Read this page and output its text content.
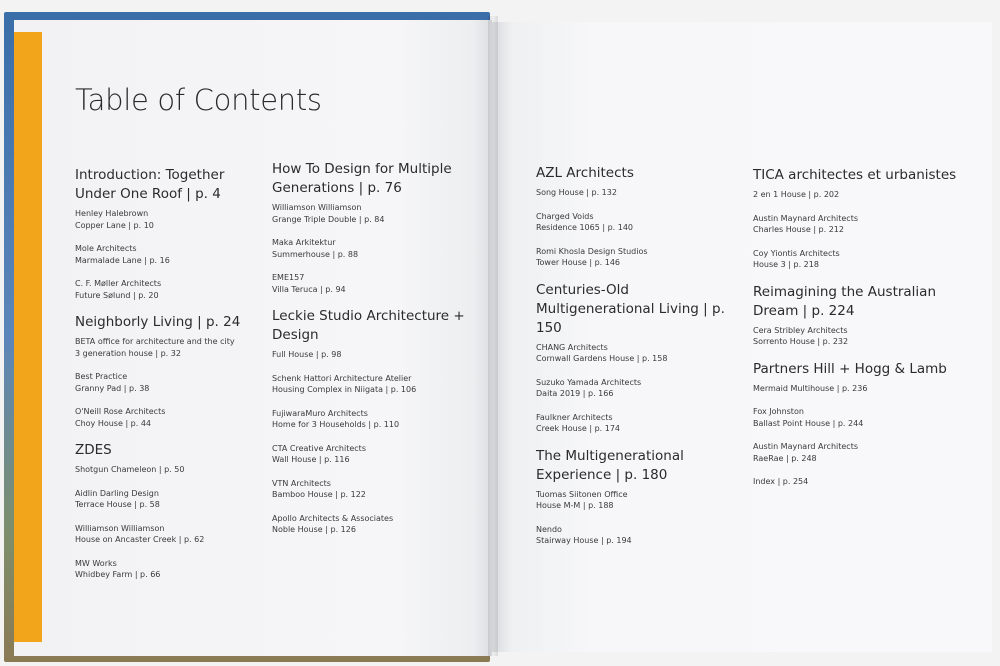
Table of Contents
Introduction: Together Under One Roof | p. 4
Henley Halebrown
Copper Lane | p. 10
Mole Architects
Marmalade Lane | p. 16
C. F. Møller Architects
Future Sølund | p. 20
Neighborly Living | p. 24
BETA office for architecture and the city
3 generation house | p. 32
Best Practice
Granny Pad | p. 38
O'Neill Rose Architects
Choy House | p. 44
ZDES
Shotgun Chameleon | p. 50
Aidlin Darling Design
Terrace House | p. 58
Williamson Williamson
House on Ancaster Creek | p. 62
MW Works
Whidbey Farm | p. 66
How To Design for Multiple Generations | p. 76
Williamson Williamson
Grange Triple Double | p. 84
Maka Arkitektur
Summerhouse | p. 88
EME157
Villa Teruca | p. 94
Leckie Studio Architecture + Design
Full House | p. 98
Schenk Hattori Architecture Atelier
Housing Complex in Niigata | p. 106
FujiwaraMuro Architects
Home for 3 Households | p. 110
CTA Creative Architects
Wall House | p. 116
VTN Architects
Bamboo House | p. 122
Apollo Architects & Associates
Noble House | p. 126
AZL Architects
Song House | p. 132
Charged Voids
Residence 1065 | p. 140
Romi Khosla Design Studios
Tower House | p. 146
Centuries-Old Multigenerational Living | p. 150
CHANG Architects
Cornwall Gardens House | p. 158
Suzuko Yamada Architects
Daita 2019 | p. 166
Faulkner Architects
Creek House | p. 174
The Multigenerational Experience | p. 180
Tuomas Siitonen Office
House M-M | p. 188
Nendo
Stairway House | p. 194
TICA architectes et urbanistes
2 en 1 House | p. 202
Austin Maynard Architects
Charles House | p. 212
Coy Yiontis Architects
House 3 | p. 218
Reimagining the Australian Dream | p. 224
Cera Stribley Architects
Sorrento House | p. 232
Partners Hill + Hogg & Lamb
Mermaid Multihouse | p. 236
Fox Johnston
Ballast Point House | p. 244
Austin Maynard Architects
RaeRae | p. 248
Index | p. 254
